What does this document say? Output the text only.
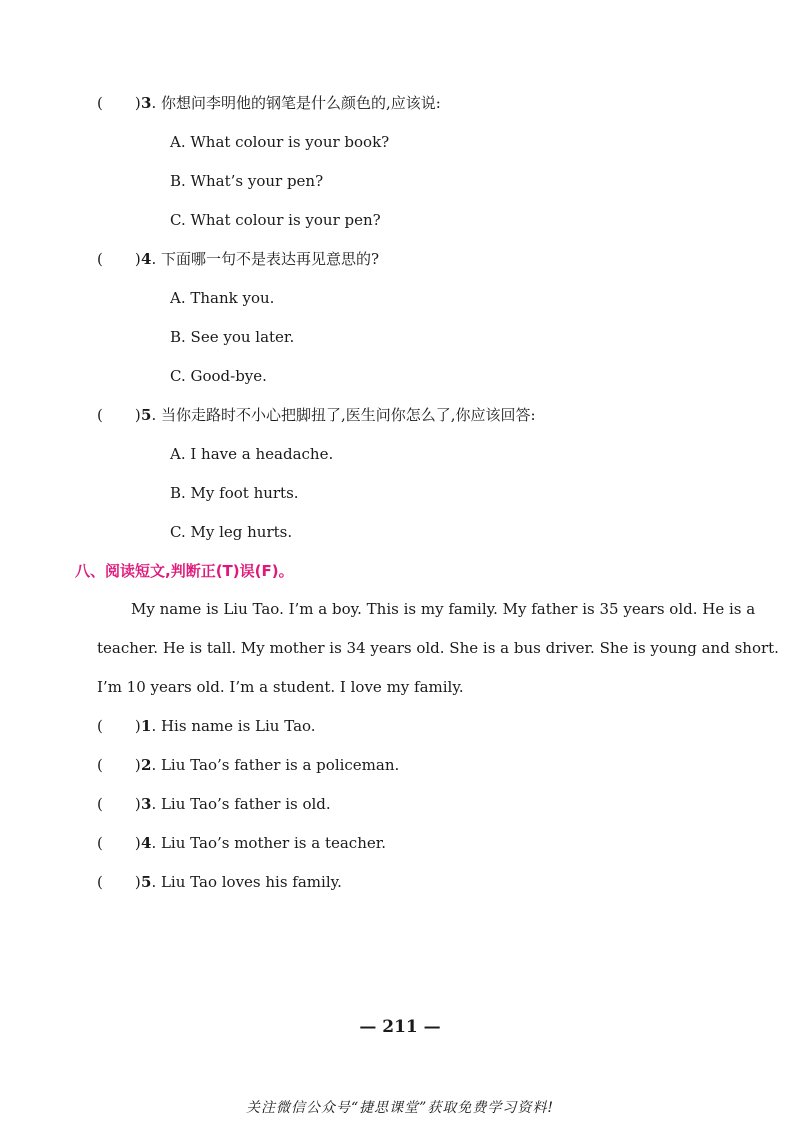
( )3. 你想问李明他的钢笔是什么颜色的,应该说:
A. What colour is your book?
B. What’s your pen?
C. What colour is your pen?
( )4. 下面哪一句不是表达再见意思的?
A. Thank you.
B. See you later.
C. Good-bye.
( )5. 当你走路时不小心把脚扭了,医生问你怎么了,你应该回答:
A. I have a headache.
B. My foot hurts.
C. My leg hurts.
八、阅读短文,判断正(T)误(F)。
My name is Liu Tao. I’m a boy. This is my family. My father is 35 years old. He is a
teacher. He is tall. My mother is 34 years old. She is a bus driver. She is young and short.
I’m 10 years old. I’m a student. I love my family.
( )1. His name is Liu Tao.
( )2. Liu Tao’s father is a policeman.
( )3. Liu Tao’s father is old.
( )4. Liu Tao’s mother is a teacher.
( )5. Liu Tao loves his family.
— 211 —
关注微信公众号“捷思课堂”获取免费学习资料!
